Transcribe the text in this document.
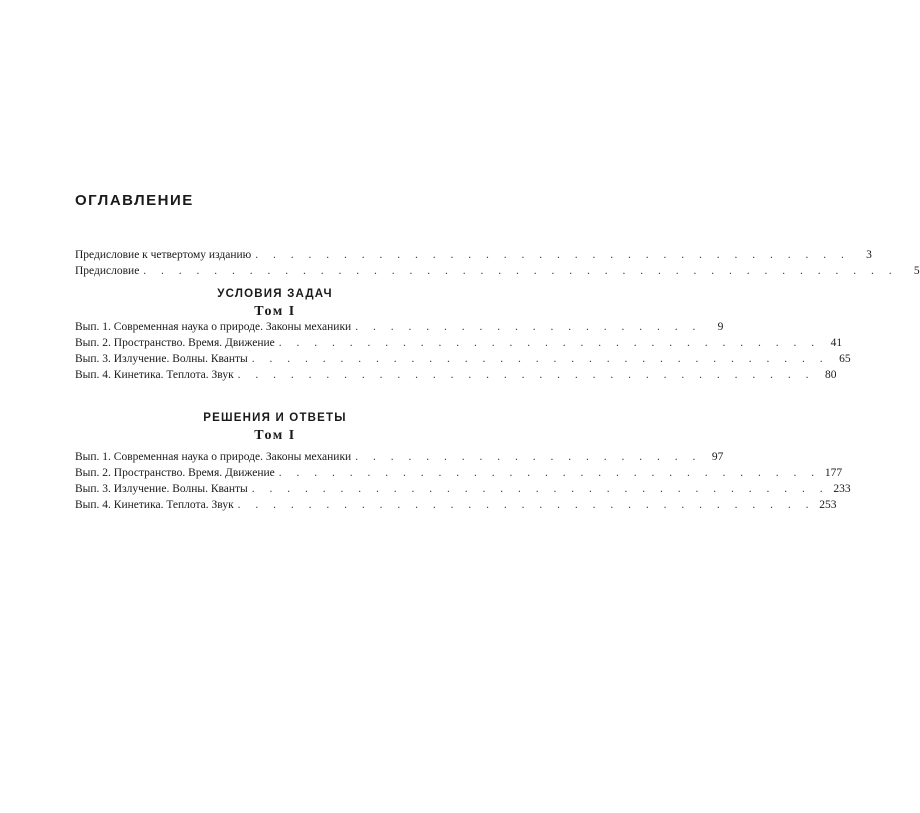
ОГЛАВЛЕНИЕ
Предисловие к четвертому изданию . . . . . . . . . . . . . . . . . . . . . . . . . . . . . . . . . .	3
Предисловие . . . . . . . . . . . . . . . . . . . . . . . . . . . . . . . . . . . . . . . . . . .	5
УСЛОВИЯ ЗАДАЧ
Том I
Вып. 1. Современная наука о природе. Законы механики . . . . . . . . . . . . . . . . . . . .	9
Вып. 2. Пространство. Время. Движение . . . . . . . . . . . . . . . . . . . . . . . . . . . . . . . 41
Вып. 3. Излучение. Волны. Кванты . . . . . . . . . . . . . . . . . . . . . . . . . . . . . . . . . 65
Вып. 4. Кинетика. Теплота. Звук . . . . . . . . . . . . . . . . . . . . . . . . . . . . . . . . . 80
РЕШЕНИЯ И ОТВЕТЫ
Том I
Вып. 1. Современная наука о природе. Законы механики . . . . . . . . . . . . . . . . . . . . 97
Вып. 2. Пространство. Время. Движение . . . . . . . . . . . . . . . . . . . . . . . . . . . . . . . 177
Вып. 3. Излучение. Волны. Кванты . . . . . . . . . . . . . . . . . . . . . . . . . . . . . . . . . 233
Вып. 4. Кинетика. Теплота. Звук . . . . . . . . . . . . . . . . . . . . . . . . . . . . . . . . . 253
